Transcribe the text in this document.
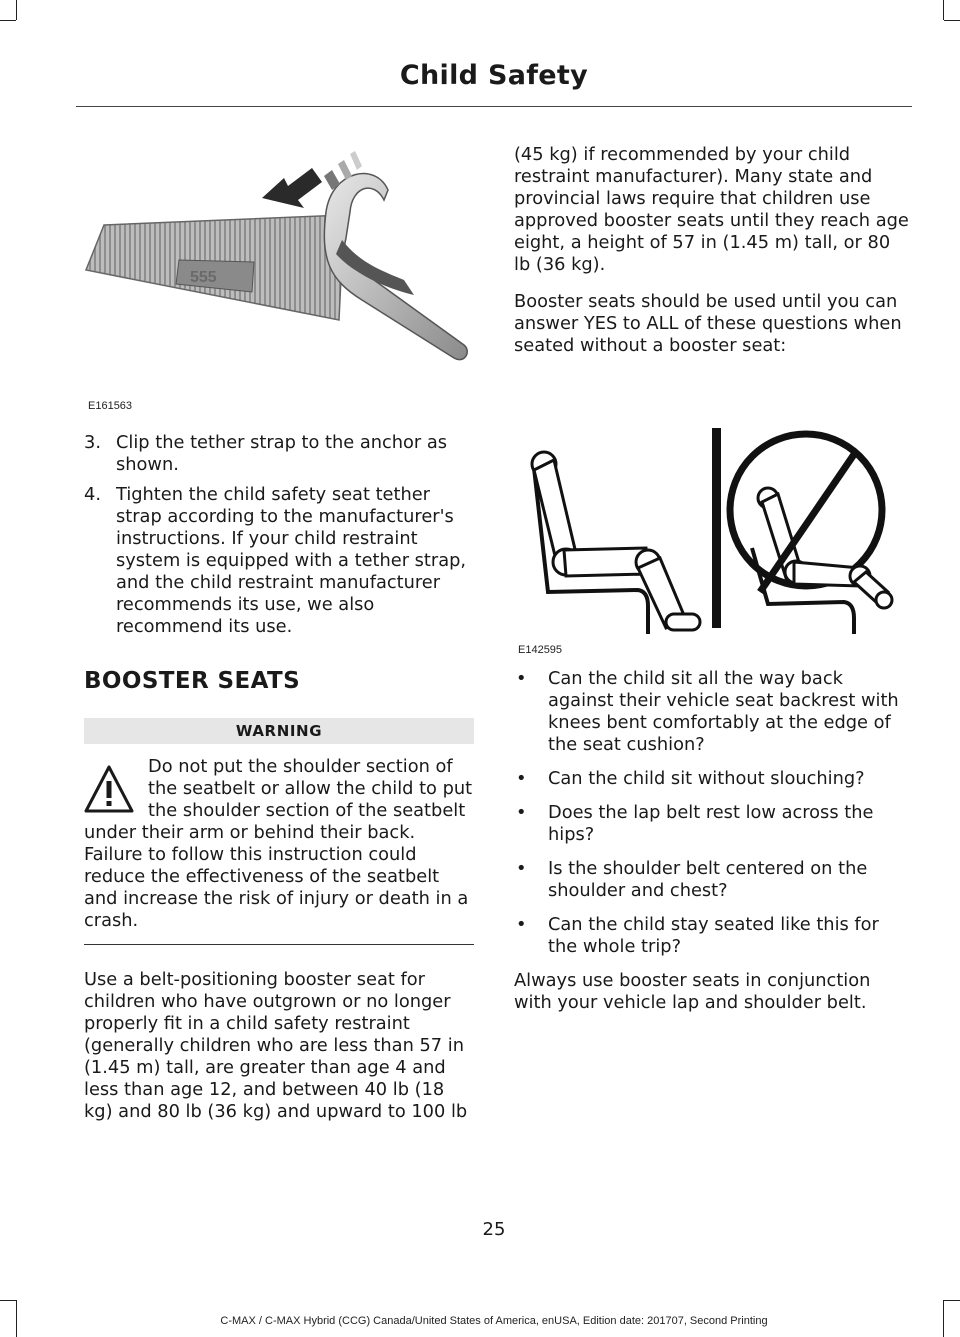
Child Safety
555
E161563
3. Clip the tether strap to the anchor as shown.
4. Tighten the child safety seat tether strap according to the manufacturer's instructions. If your child restraint system is equipped with a tether strap, and the child restraint manufacturer recommends its use, we also recommend its use.
BOOSTER SEATS
WARNING
Do not put the shoulder section of the seatbelt or allow the child to put the shoulder section of the seatbelt under their arm or behind their back. Failure to follow this instruction could reduce the effectiveness of the seatbelt and increase the risk of injury or death in a crash.

Use a belt-positioning booster seat for children who have outgrown or no longer properly fit in a child safety restraint (generally children who are less than 57 in (1.45 m) tall, are greater than age 4 and less than age 12, and between 40 lb (18 kg) and 80 lb (36 kg) and upward to 100 lb

(45 kg) if recommended by your child restraint manufacturer). Many state and provincial laws require that children use approved booster seats until they reach age eight, a height of 57 in (1.45 m) tall, or 80 lb (36 kg).

Booster seats should be used until you can answer YES to ALL of these questions when seated without a booster seat:

E142595
• Can the child sit all the way back against their vehicle seat backrest with knees bent comfortably at the edge of the seat cushion?
• Can the child sit without slouching?
• Does the lap belt rest low across the hips?
• Is the shoulder belt centered on the shoulder and chest?
• Can the child stay seated like this for the whole trip?

Always use booster seats in conjunction with your vehicle lap and shoulder belt.

25
C-MAX / C-MAX Hybrid (CCG) Canada/United States of America, enUSA, Edition date: 201707, Second Printing
